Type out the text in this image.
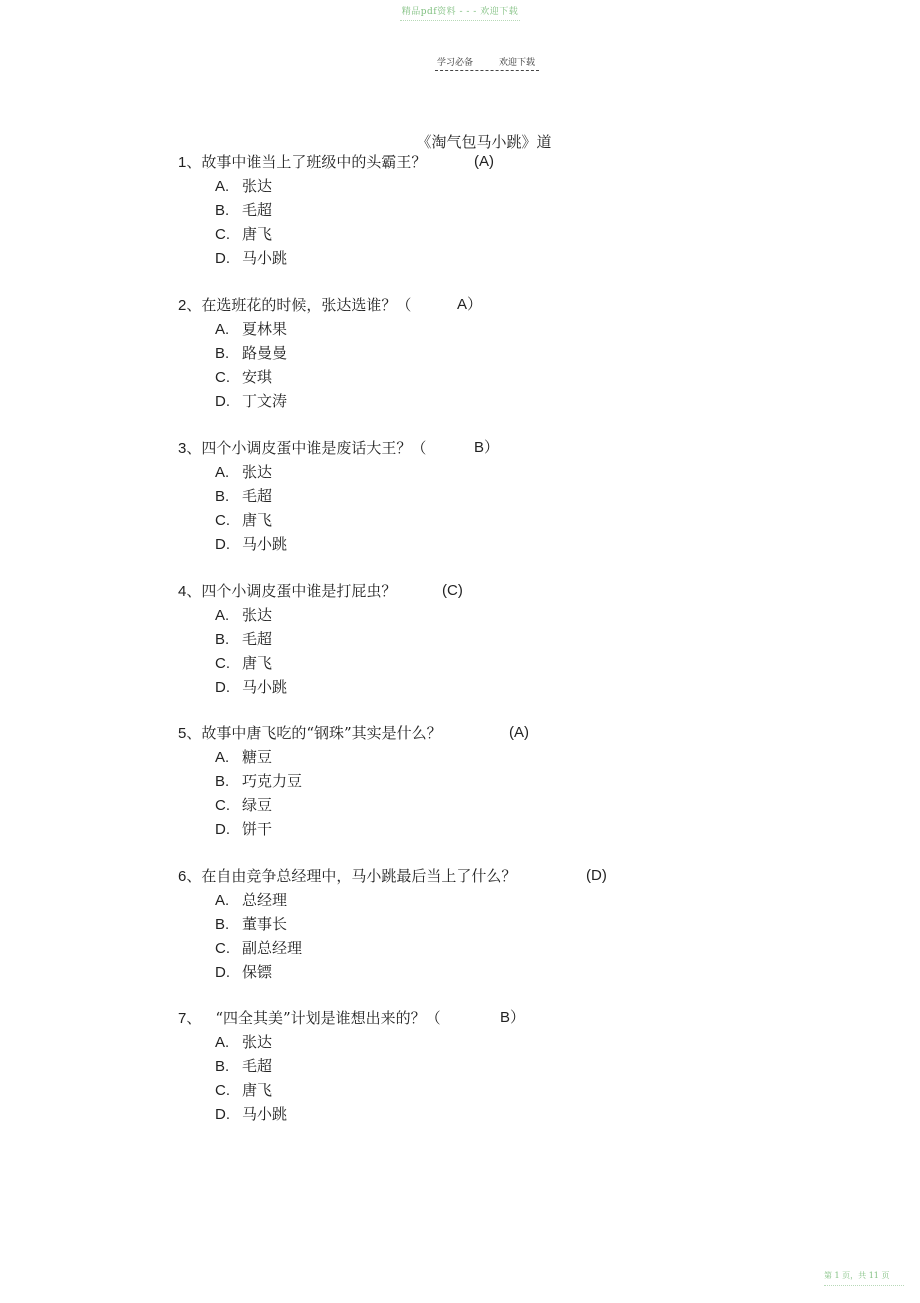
精品pdf资料 - - - 欢迎下载
学习必备	欢迎下载
《淘气包马小跳》道
1、故事中谁当上了班级中的头霸王？	(A)
A. 张达
B. 毛超
C. 唐飞
D. 马小跳
2、在选班花的时候，张达选谁？（	A）
A. 夏林果
B. 路曼曼
C. 安琪
D. 丁文涛
3、四个小调皮蛋中谁是废话大王？（	B）
A. 张达
B. 毛超
C. 唐飞
D. 马小跳
4、四个小调皮蛋中谁是打屁虫？	(C)
A. 张达
B. 毛超
C. 唐飞
D. 马小跳
5、故事中唐飞吃的“钢珠”其实是什么？	(A)
A. 糖豆
B. 巧克力豆
C. 绿豆
D. 饼干
6、在自由竞争总经理中，马小跳最后当上了什么？	(D)
A. 总经理
B. 董事长
C. 副总经理
D. 保镖
7、 “四全其美”计划是谁想出来的？（	B）
A. 张达
B. 毛超
C. 唐飞
D. 马小跳
第 1 页，共 11 页
